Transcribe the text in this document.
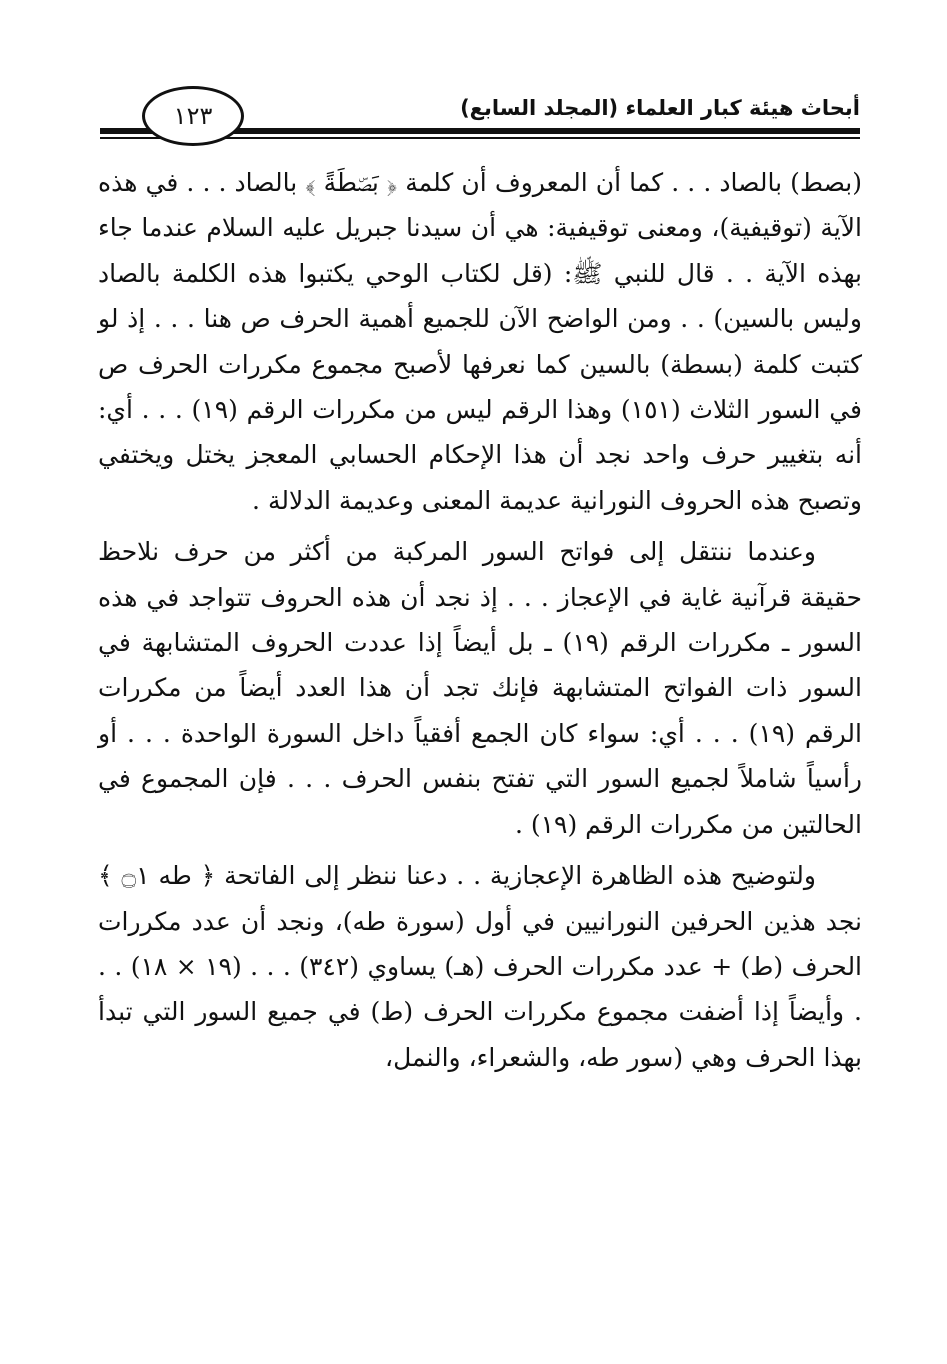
أبحاث هيئة كبار العلماء (المجلد السابع)
١٢٣

(بصط) بالصاد . . . كما أن المعروف أن كلمة ﴿ بَصۜطَةً ﴾ بالصاد . . . في هذه الآية (توقيفية)، ومعنى توقيفية: هي أن سيدنا جبريل عليه السلام عندما جاء بهذه الآية . . قال للنبي ﷺ: (قل لكتاب الوحي يكتبوا هذه الكلمة بالصاد وليس بالسين) . . ومن الواضح الآن للجميع أهمية الحرف ص هنا . . . إذ لو كتبت كلمة (بسطة) بالسين كما نعرفها لأصبح مجموع مكررات الحرف ص في السور الثلاث (١٥١) وهذا الرقم ليس من مكررات الرقم (١٩) . . . أي: أنه بتغيير حرف واحد نجد أن هذا الإحكام الحسابي المعجز يختل ويختفي وتصبح هذه الحروف النورانية عديمة المعنى وعديمة الدلالة .

وعندما ننتقل إلى فواتح السور المركبة من أكثر من حرف نلاحظ حقيقة قرآنية غاية في الإعجاز . . . إذ نجد أن هذه الحروف تتواجد في هذه السور ـ مكررات الرقم (١٩) ـ بل أيضاً إذا عددت الحروف المتشابهة في السور ذات الفواتح المتشابهة فإنك تجد أن هذا العدد أيضاً من مكررات الرقم (١٩) . . . أي: سواء كان الجمع أفقياً داخل السورة الواحدة . . . أو رأسياً شاملاً لجميع السور التي تفتح بنفس الحرف . . . فإن المجموع في الحالتين من مكررات الرقم (١٩) .

ولتوضيح هذه الظاهرة الإعجازية . . دعنا ننظر إلى الفاتحة ﴿ طه ۝١ ﴾ نجد هذين الحرفين النورانيين في أول (سورة طه)، ونجد أن عدد مكررات الحرف (ط) + عدد مكررات الحرف (هـ) يساوي (٣٤٢) . . . (١٩ × ١٨) . . . وأيضاً إذا أضفت مجموع مكررات الحرف (ط) في جميع السور التي تبدأ بهذا الحرف وهي (سور طه، والشعراء، والنمل،
